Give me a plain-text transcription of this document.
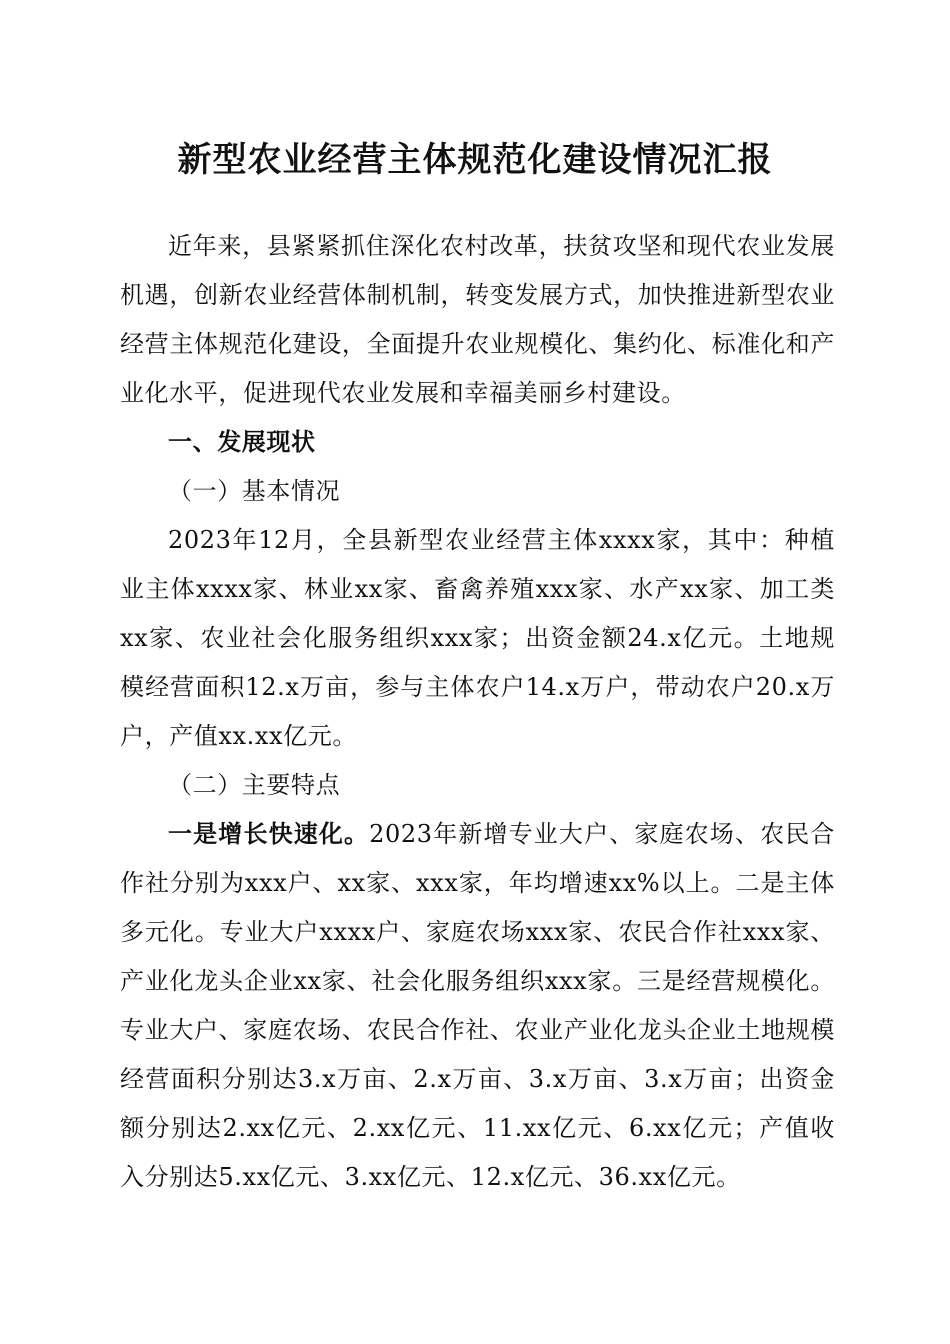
新型农业经营主体规范化建设情况汇报

近年来，县紧紧抓住深化农村改革，扶贫攻坚和现代农业发展机遇，创新农业经营体制机制，转变发展方式，加快推进新型农业经营主体规范化建设，全面提升农业规模化、集约化、标准化和产业化水平，促进现代农业发展和幸福美丽乡村建设。

一、发展现状

（一）基本情况

2023年12月，全县新型农业经营主体xxxx家，其中：种植业主体xxxx家、林业xx家、畜禽养殖xxx家、水产xx家、加工类xx家、农业社会化服务组织xxx家；出资金额24.x亿元。土地规模经营面积12.x万亩，参与主体农户14.x万户，带动农户20.x万户，产值xx.xx亿元。

（二）主要特点

一是增长快速化。2023年新增专业大户、家庭农场、农民合作社分别为xxx户、xx家、xxx家，年均增速xx%以上。二是主体多元化。专业大户xxxx户、家庭农场xxx家、农民合作社xxx家、产业化龙头企业xx家、社会化服务组织xxx家。三是经营规模化。专业大户、家庭农场、农民合作社、农业产业化龙头企业土地规模经营面积分别达3.x万亩、2.x万亩、3.x万亩、3.x万亩；出资金额分别达2.xx亿元、2.xx亿元、11.xx亿元、6.xx亿元；产值收入分别达5.xx亿元、3.xx亿元、12.x亿元、36.xx亿元。
